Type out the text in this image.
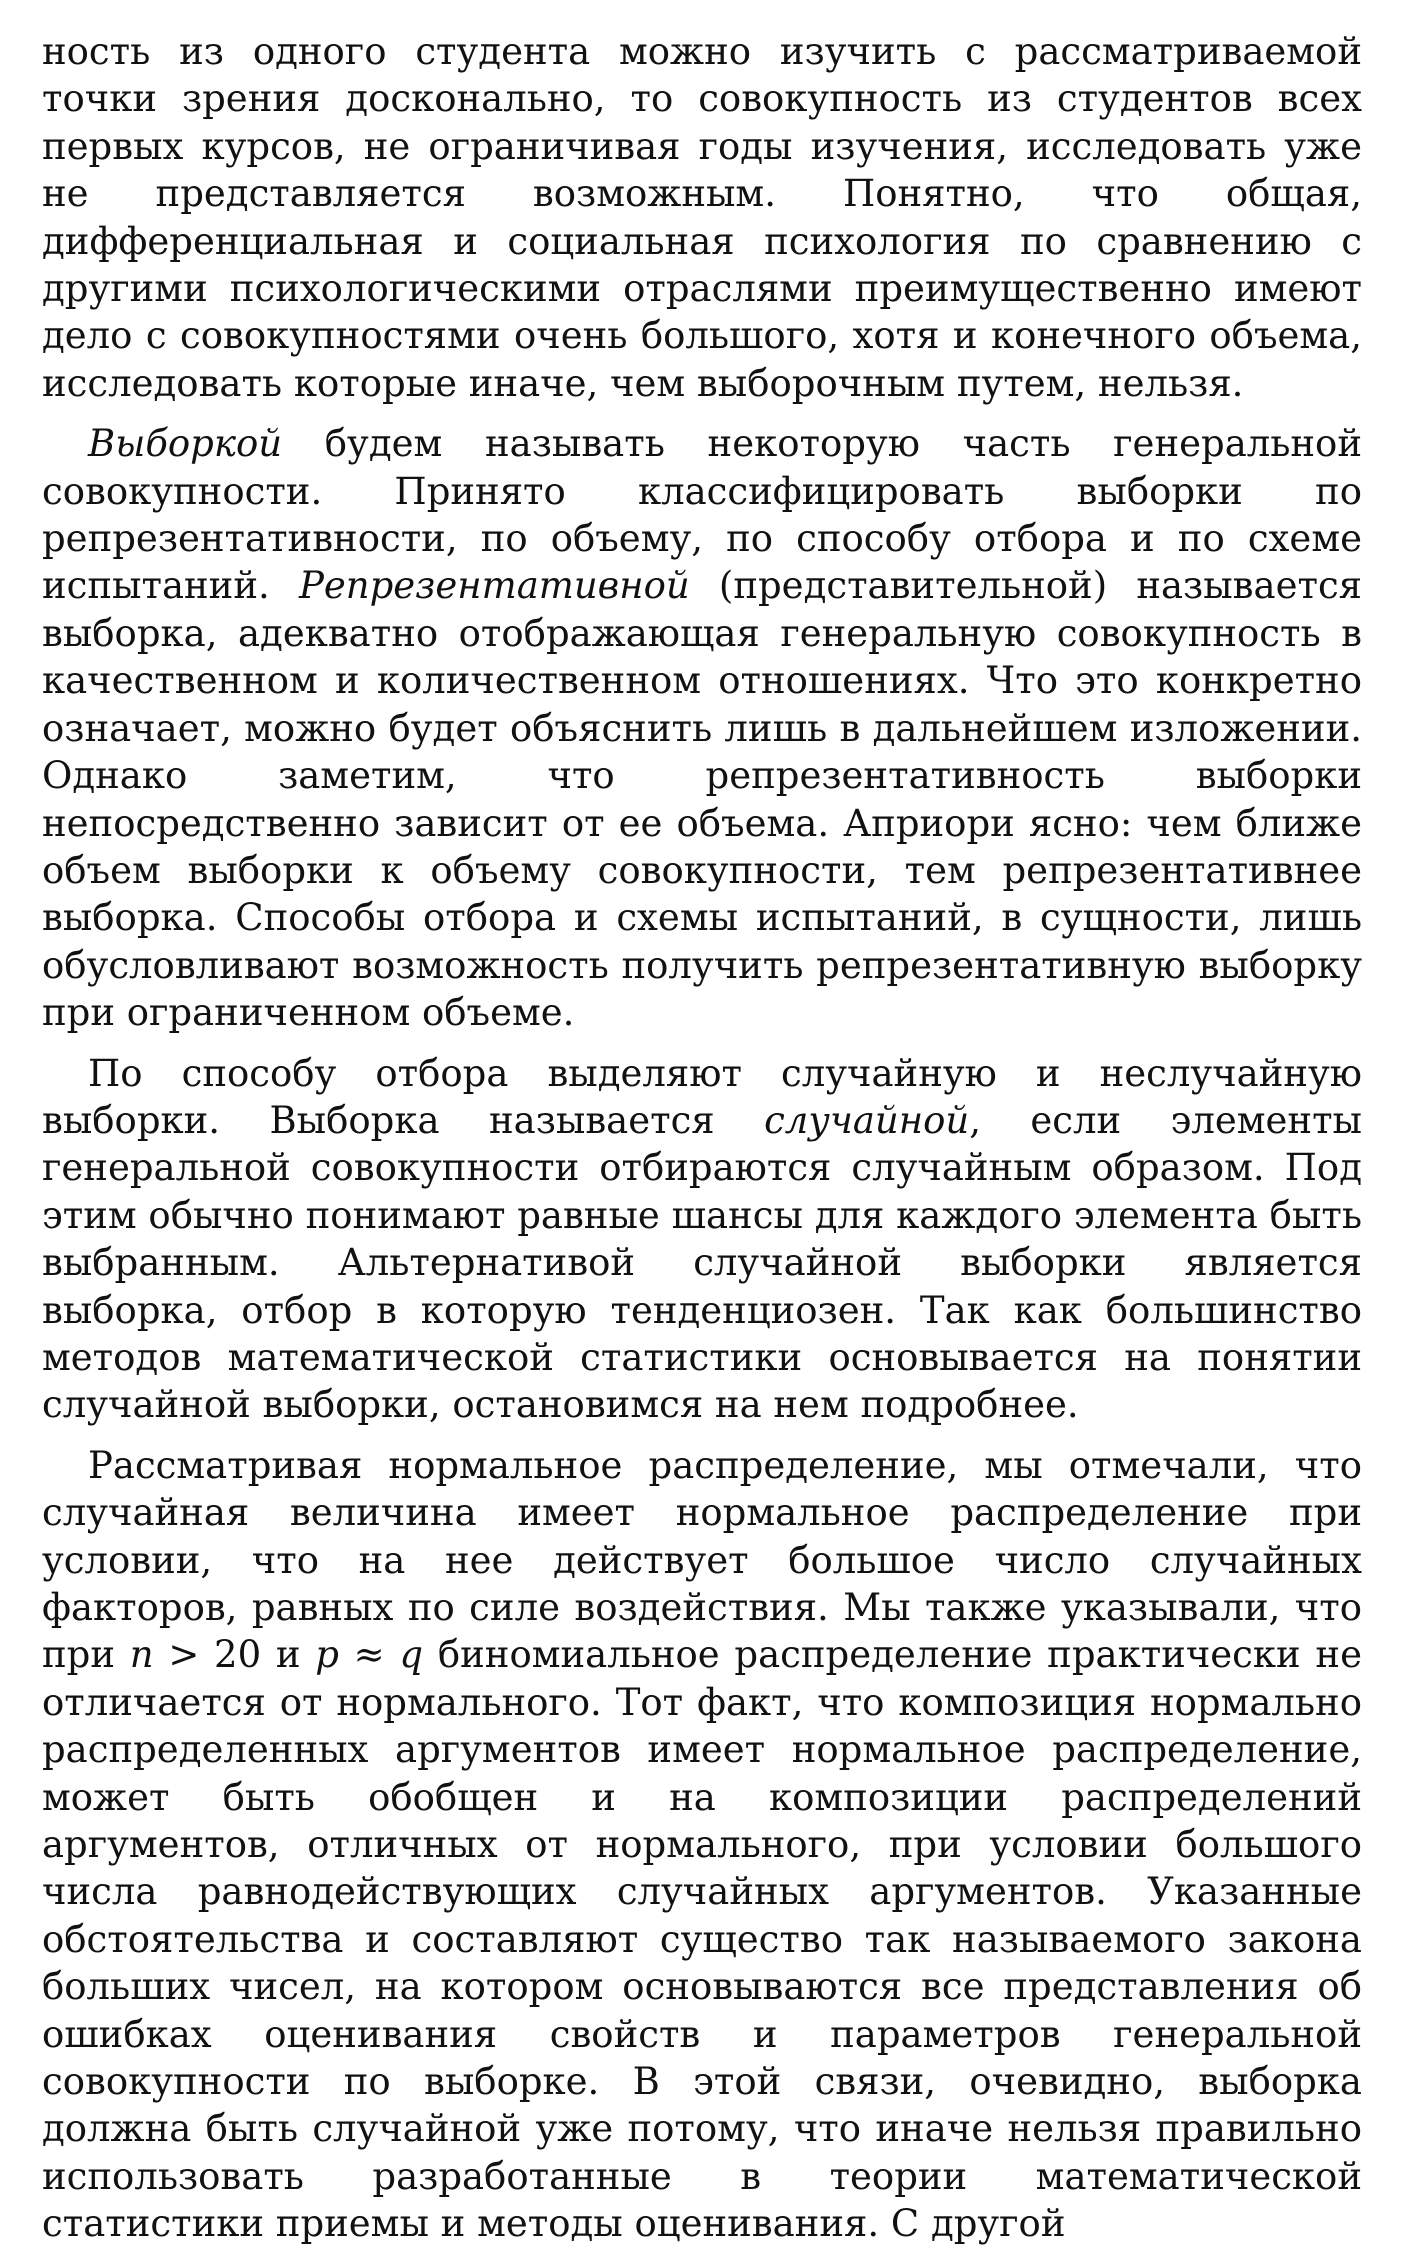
ность из одного студента можно изучить с рассматриваемой точки зрения досконально, то совокупность из студентов всех первых курсов, не ограничивая годы изучения, исследовать уже не представляется возможным. Понятно, что общая, дифференциальная и социальная психология по сравнению с другими психологическими отраслями преимущественно имеют дело с совокупностями очень большого, хотя и конечного объема, исследовать которые иначе, чем выборочным путем, нельзя.

Выборкой будем называть некоторую часть генеральной совокупности. Принято классифицировать выборки по репрезентативности, по объему, по способу отбора и по схеме испытаний. Репрезентативной (представительной) называется выборка, адекватно отображающая генеральную совокупность в качественном и количественном отношениях. Что это конкретно означает, можно будет объяснить лишь в дальнейшем изложении. Однако заметим, что репрезентативность выборки непосредственно зависит от ее объема. Априори ясно: чем ближе объем выборки к объему совокупности, тем репрезентативнее выборка. Способы отбора и схемы испытаний, в сущности, лишь обусловливают возможность получить репрезентативную выборку при ограниченном объеме.

По способу отбора выделяют случайную и неслучайную выборки. Выборка называется случайной, если элементы генеральной совокупности отбираются случайным образом. Под этим обычно понимают равные шансы для каждого элемента быть выбранным. Альтернативой случайной выборки является выборка, отбор в которую тенденциозен. Так как большинство методов математической статистики основывается на понятии случайной выборки, остановимся на нем подробнее.

Рассматривая нормальное распределение, мы отмечали, что случайная величина имеет нормальное распределение при условии, что на нее действует большое число случайных факторов, равных по силе воздействия. Мы также указывали, что при n > 20 и p ≈ q биномиальное распределение практически не отличается от нормального. Тот факт, что композиция нормально распределенных аргументов имеет нормальное распределение, может быть обобщен и на композиции распределений аргументов, отличных от нормального, при условии большого числа равнодействующих случайных аргументов. Указанные обстоятельства и составляют существо так называемого закона больших чисел, на котором основываются все представления об ошибках оценивания свойств и параметров генеральной совокупности по выборке. В этой связи, очевидно, выборка должна быть случайной уже потому, что иначе нельзя правильно использовать разработанные в теории математической статистики приемы и методы оценивания. С другой
